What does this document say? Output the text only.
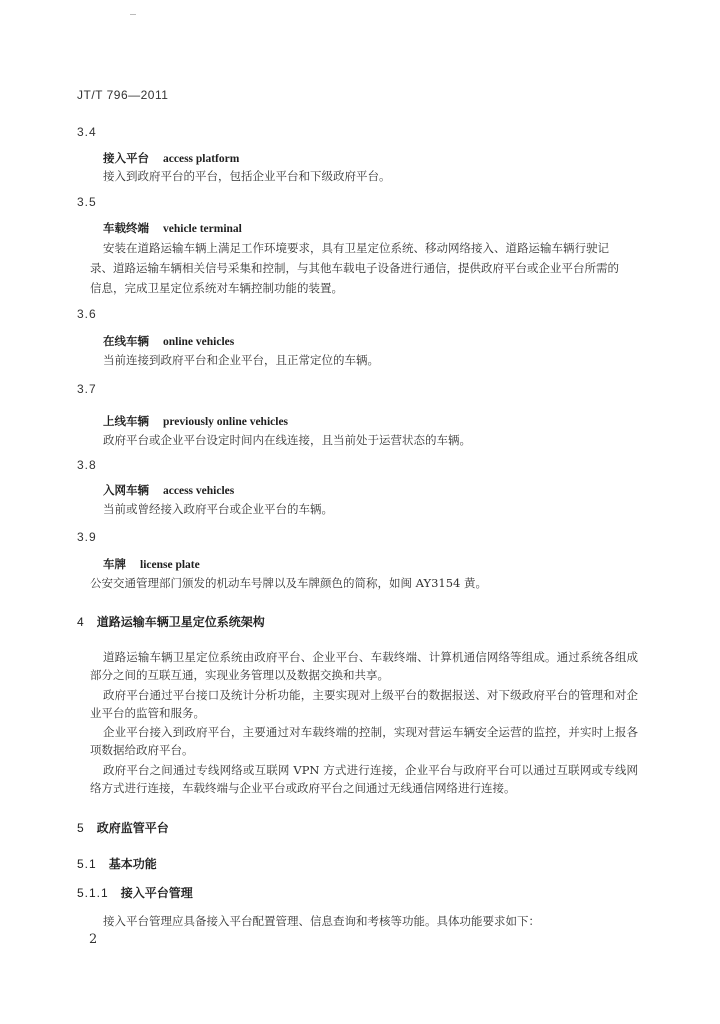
JT/T 796—2011
3.4
接入平台 access platform
接入到政府平台的平台，包括企业平台和下级政府平台。
3.5
车载终端 vehicle terminal
安装在道路运输车辆上满足工作环境要求，具有卫星定位系统、移动网络接入、道路运输车辆行驶记
录、道路运输车辆相关信号采集和控制，与其他车载电子设备进行通信，提供政府平台或企业平台所需的
信息，完成卫星定位系统对车辆控制功能的装置。
3.6
在线车辆 online vehicles
当前连接到政府平台和企业平台，且正常定位的车辆。
3.7
上线车辆 previously online vehicles
政府平台或企业平台设定时间内在线连接，且当前处于运营状态的车辆。
3.8
入网车辆 access vehicles
当前或曾经接入政府平台或企业平台的车辆。
3.9
车牌 license plate
公安交通管理部门颁发的机动车号牌以及车牌颜色的简称，如闽 AY3154 黄。
4 道路运输车辆卫星定位系统架构

道路运输车辆卫星定位系统由政府平台、企业平台、车载终端、计算机通信网络等组成。通过系统各组成部分之间的互联互通，实现业务管理以及数据交换和共享。

政府平台通过平台接口及统计分析功能，主要实现对上级平台的数据报送、对下级政府平台的管理和对企业平台的监管和服务。

企业平台接入到政府平台，主要通过对车载终端的控制，实现对营运车辆安全运营的监控，并实时上报各项数据给政府平台。

政府平台之间通过专线网络或互联网 VPN 方式进行连接，企业平台与政府平台可以通过互联网或专线网络方式进行连接，车载终端与企业平台或政府平台之间通过无线通信网络进行连接。

5 政府监管平台
5.1 基本功能
5.1.1 接入平台管理
接入平台管理应具备接入平台配置管理、信息查询和考核等功能。具体功能要求如下：
2
